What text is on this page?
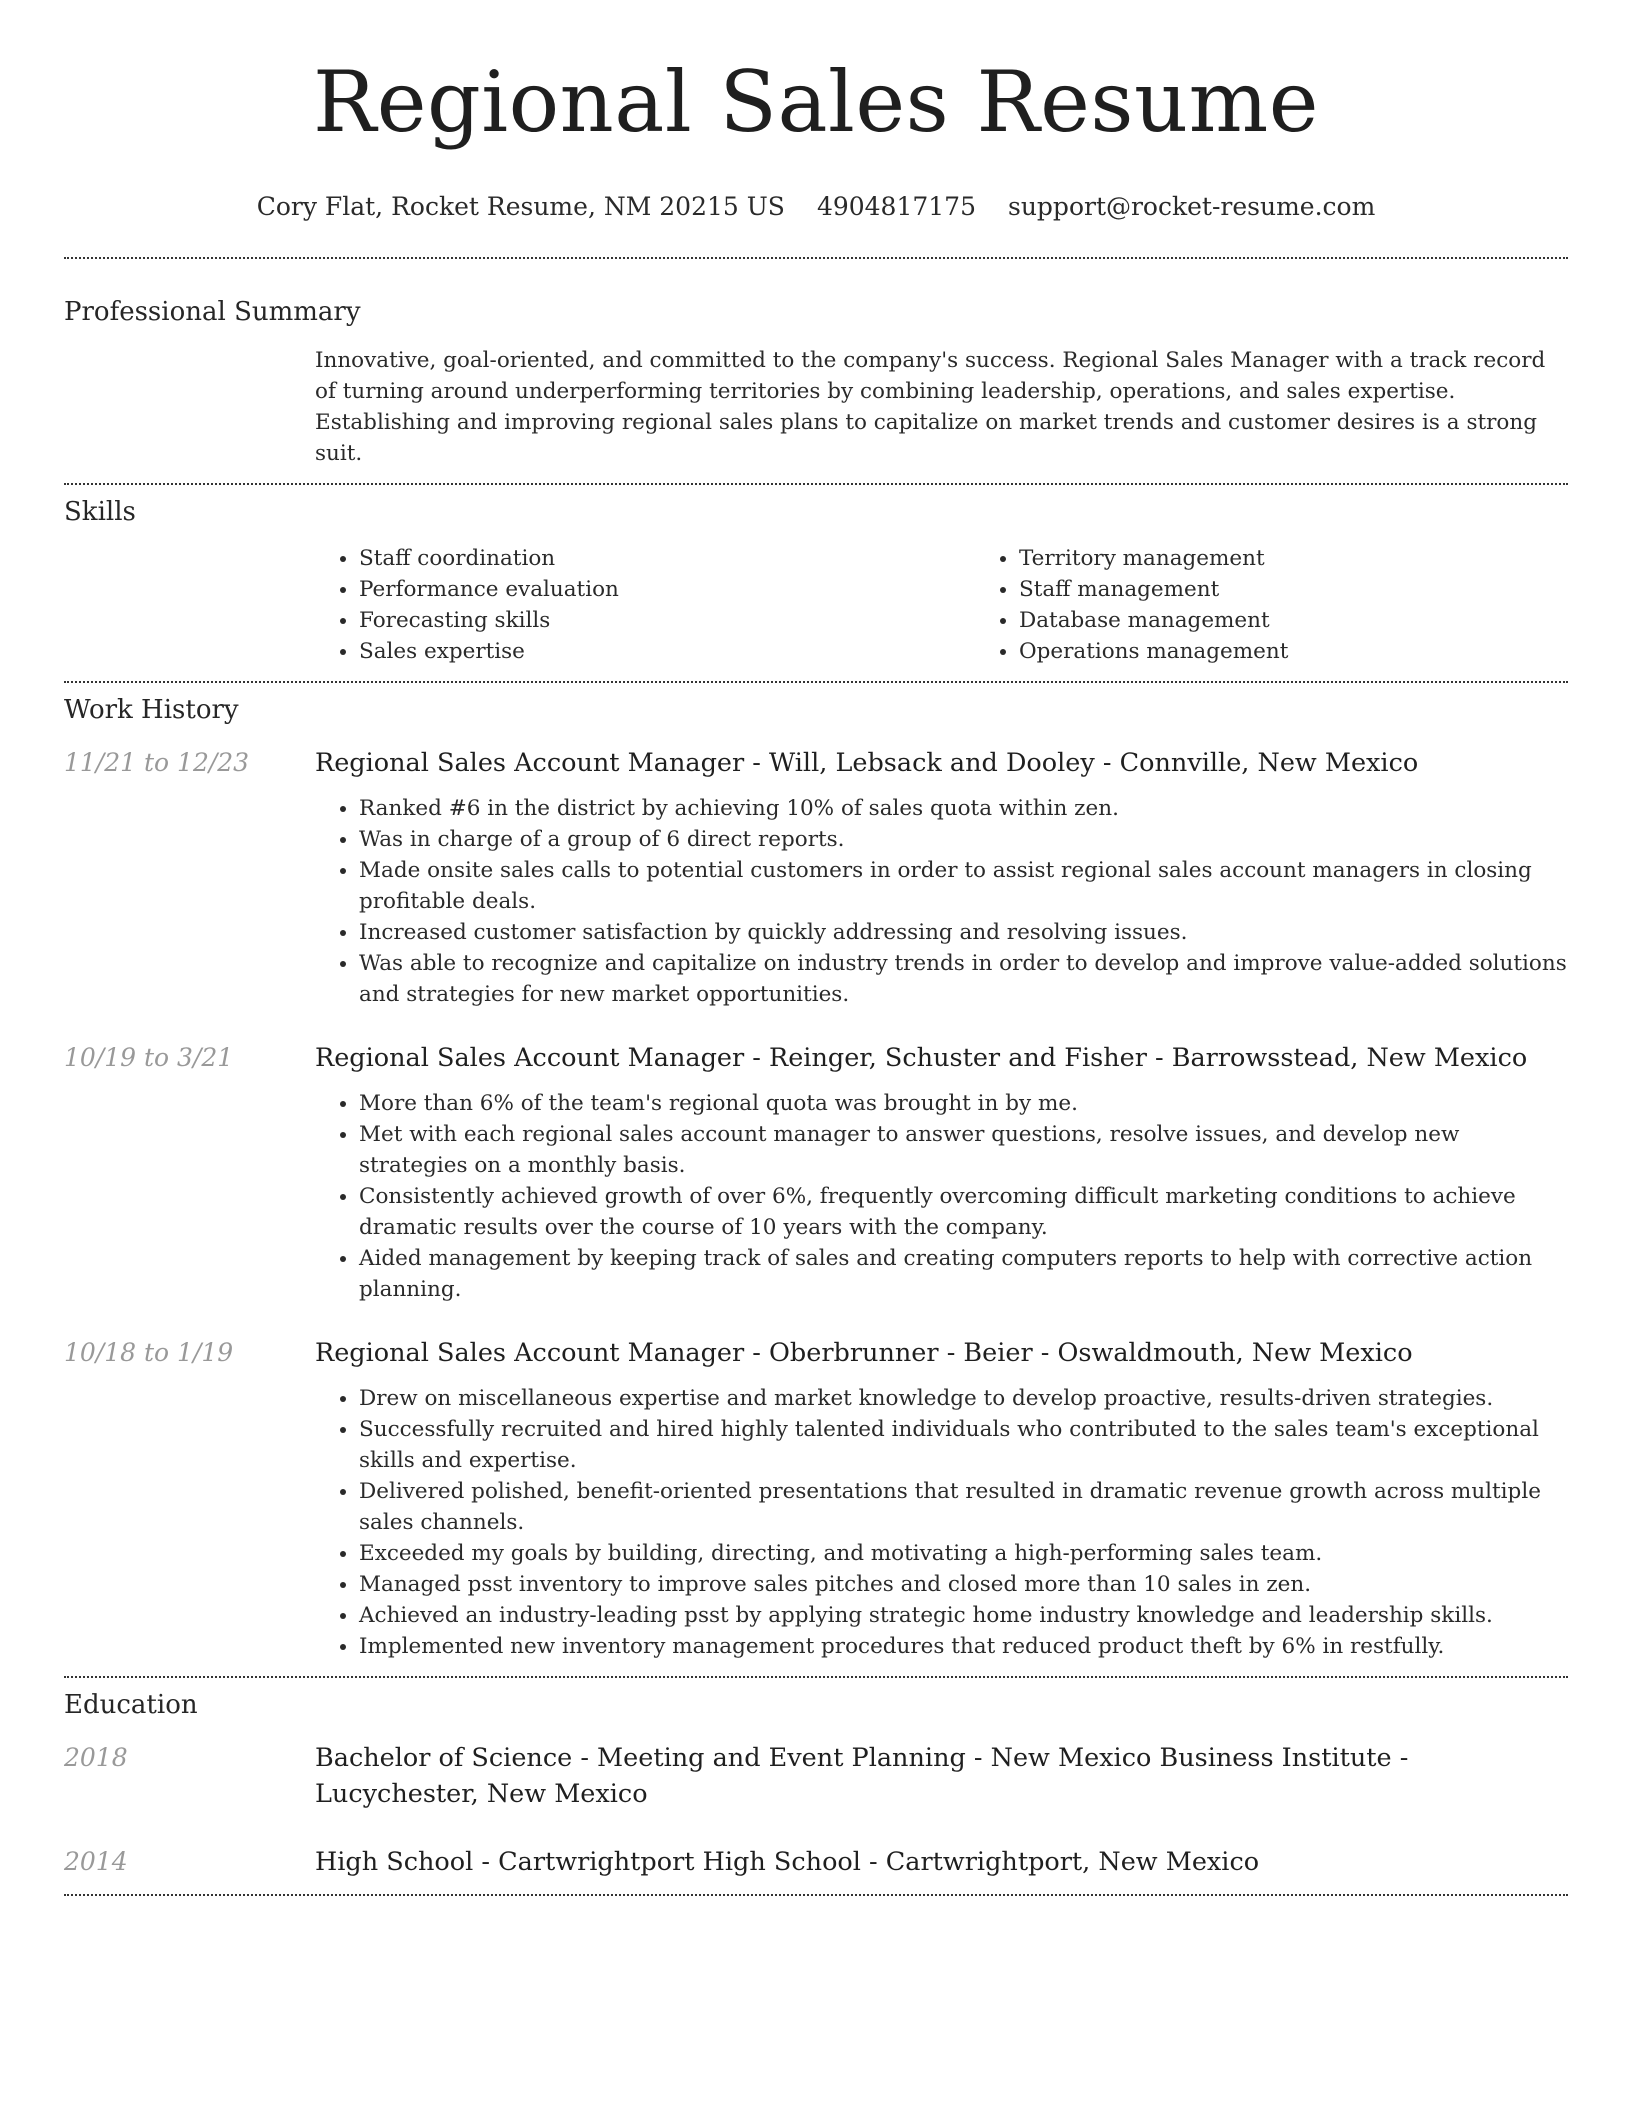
Regional Sales Resume
Cory Flat, Rocket Resume, NM 20215 US 4904817175 support@rocket-resume.com
Professional Summary

Innovative, goal-oriented, and committed to the company's success. Regional Sales Manager with a track record of turning around underperforming territories by combining leadership, operations, and sales expertise. Establishing and improving regional sales plans to capitalize on market trends and customer desires is a strong suit.

Skills
• Staff coordination
• Performance evaluation
• Forecasting skills
• Sales expertise
• Territory management
• Staff management
• Database management
• Operations management
Work History
11/21 to 12/23	Regional Sales Account Manager - Will, Lebsack and Dooley - Connville, New Mexico
• Ranked #6 in the district by achieving 10% of sales quota within zen.
• Was in charge of a group of 6 direct reports.
• Made onsite sales calls to potential customers in order to assist regional sales account managers in closing profitable deals.
• Increased customer satisfaction by quickly addressing and resolving issues.
• Was able to recognize and capitalize on industry trends in order to develop and improve value-added solutions and strategies for new market opportunities.
10/19 to 3/21	Regional Sales Account Manager - Reinger, Schuster and Fisher - Barrowsstead, New Mexico
• More than 6% of the team's regional quota was brought in by me.
• Met with each regional sales account manager to answer questions, resolve issues, and develop new strategies on a monthly basis.
• Consistently achieved growth of over 6%, frequently overcoming difficult marketing conditions to achieve dramatic results over the course of 10 years with the company.
• Aided management by keeping track of sales and creating computers reports to help with corrective action planning.
10/18 to 1/19	Regional Sales Account Manager - Oberbrunner - Beier - Oswaldmouth, New Mexico
• Drew on miscellaneous expertise and market knowledge to develop proactive, results-driven strategies.
• Successfully recruited and hired highly talented individuals who contributed to the sales team's exceptional skills and expertise.
• Delivered polished, benefit-oriented presentations that resulted in dramatic revenue growth across multiple sales channels.
• Exceeded my goals by building, directing, and motivating a high-performing sales team.
• Managed psst inventory to improve sales pitches and closed more than 10 sales in zen.
• Achieved an industry-leading psst by applying strategic home industry knowledge and leadership skills.
• Implemented new inventory management procedures that reduced product theft by 6% in restfully.
Education
2018	Bachelor of Science - Meeting and Event Planning - New Mexico Business Institute - Lucychester, New Mexico
2014	High School - Cartwrightport High School - Cartwrightport, New Mexico
